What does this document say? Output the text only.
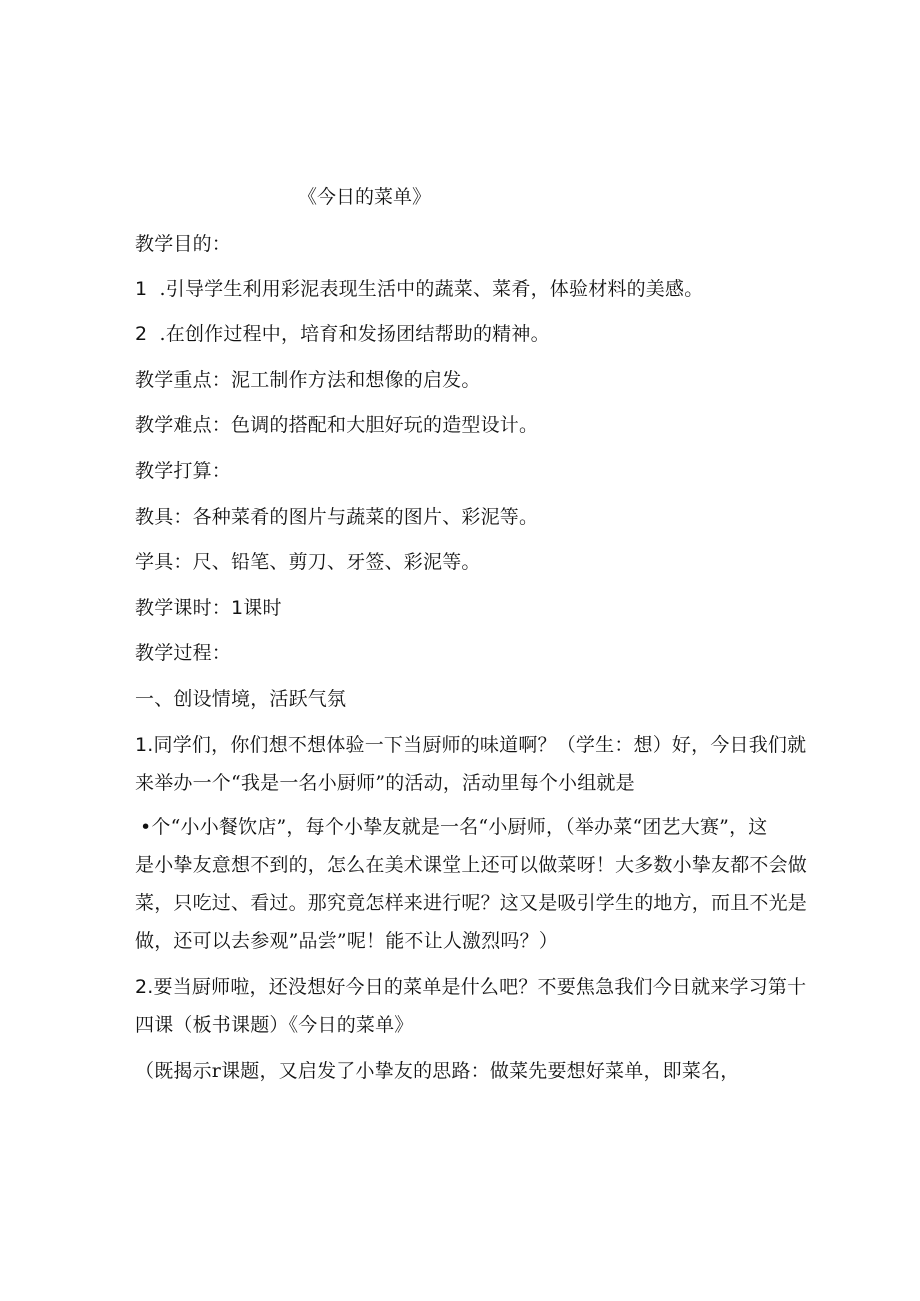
《今日的菜单》
教学目的：
1 .引导学生利用彩泥表现生活中的蔬菜、菜肴，体验材料的美感。
2 .在创作过程中，培育和发扬团结帮助的精神。
教学重点：泥工制作方法和想像的启发。
教学难点：色调的搭配和大胆好玩的造型设计。
教学打算：
教具：各种菜肴的图片与蔬菜的图片、彩泥等。
学具：尺、铅笔、剪刀、牙签、彩泥等。
教学课时：1课时
教学过程：
一、创设情境，活跃气氛
1.同学们，你们想不想体验一下当厨师的味道啊？（学生：想）好，今日我们就
来举办一个“我是一名小厨师”的活动，活动里每个小组就是
•个“小小餐饮店”，每个小挚友就是一名“小厨师，（举办菜“团艺大赛”，这
是小挚友意想不到的，怎么在美术课堂上还可以做菜呀！大多数小挚友都不会做
菜，只吃过、看过。那究竟怎样来进行呢？这又是吸引学生的地方，而且不光是
做，还可以去参观”品尝”呢！能不让人激烈吗？）
2.要当厨师啦，还没想好今日的菜单是什么吧？不要焦急我们今日就来学习第十
四课（板书课题）《今日的菜单》
（既揭示r课题，又启发了小挚友的思路：做菜先要想好菜单，即菜名，
